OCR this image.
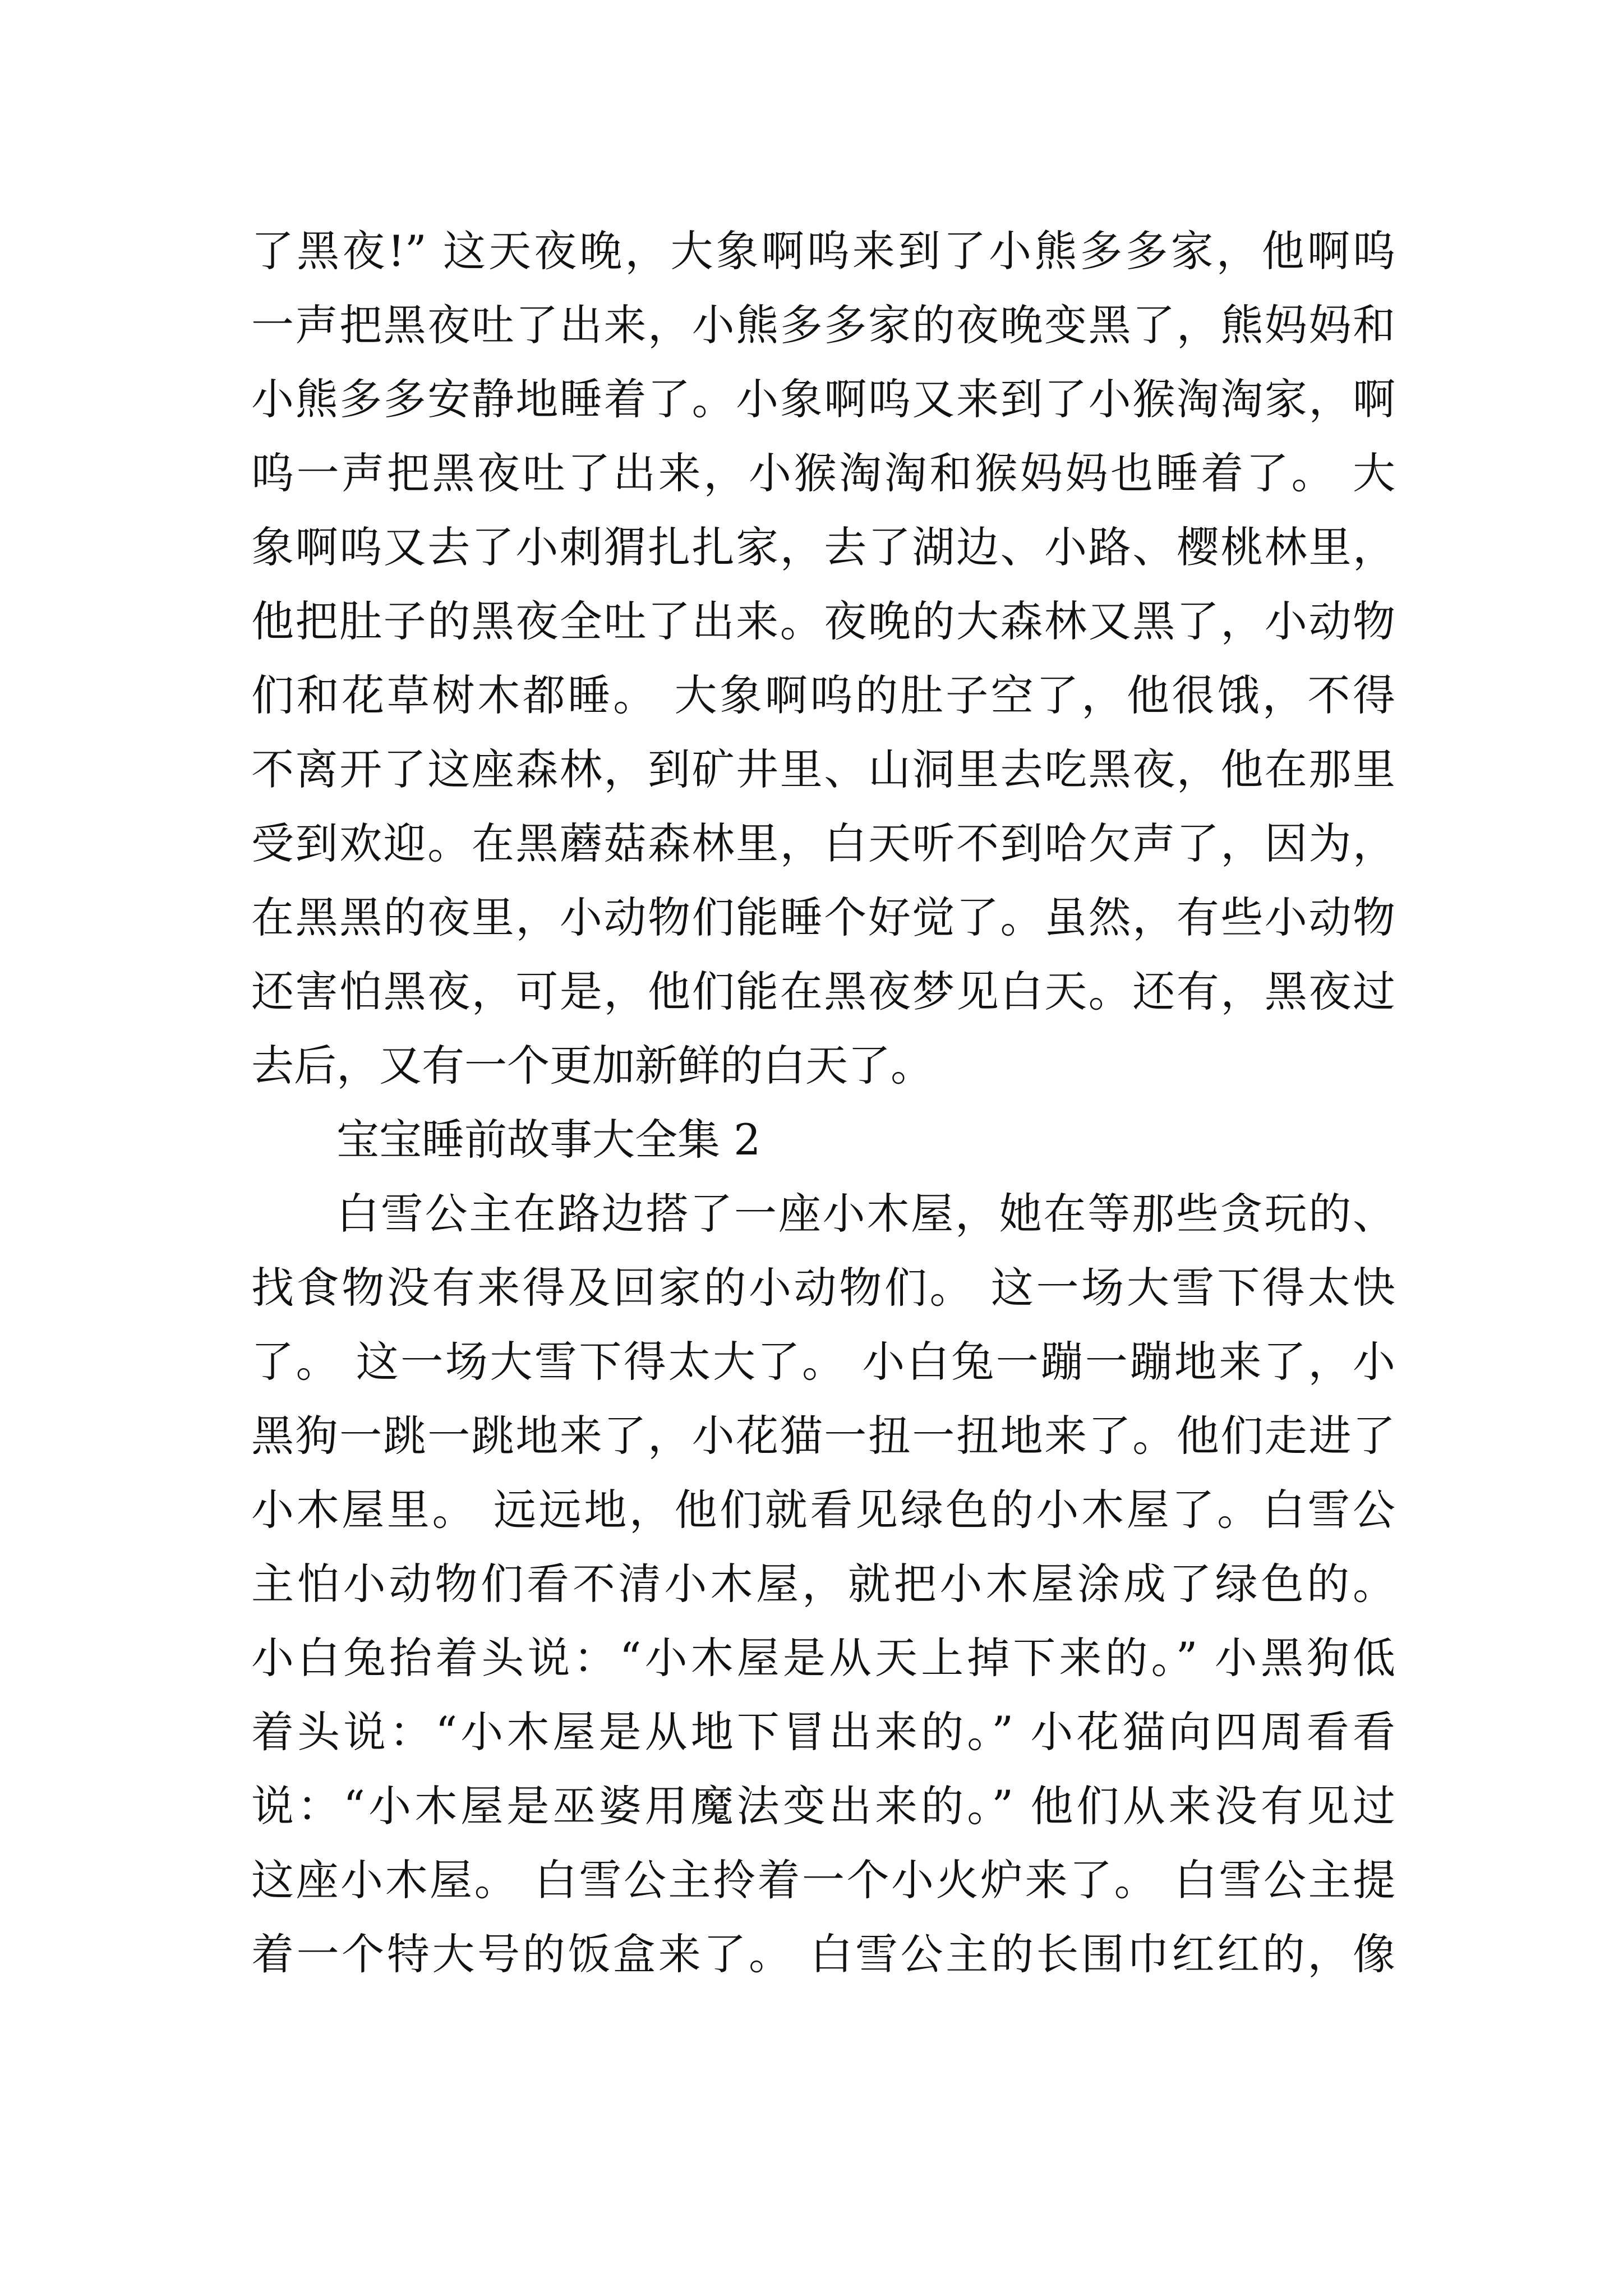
了黑夜!” 这天夜晚，大象啊呜来到了小熊多多家，他啊呜
一声把黑夜吐了出来，小熊多多家的夜晚变黑了，熊妈妈和
小熊多多安静地睡着了。小象啊呜又来到了小猴淘淘家，啊
呜一声把黑夜吐了出来，小猴淘淘和猴妈妈也睡着了。 大
象啊呜又去了小刺猬扎扎家，去了湖边、小路、樱桃林里，
他把肚子的黑夜全吐了出来。夜晚的大森林又黑了，小动物
们和花草树木都睡。 大象啊呜的肚子空了，他很饿，不得
不离开了这座森林，到矿井里、山洞里去吃黑夜，他在那里
受到欢迎。在黑蘑菇森林里，白天听不到哈欠声了，因为，
在黑黑的夜里，小动物们能睡个好觉了。虽然，有些小动物
还害怕黑夜，可是，他们能在黑夜梦见白天。还有，黑夜过
去后，又有一个更加新鲜的白天了。
宝宝睡前故事大全集 2
白雪公主在路边搭了一座小木屋，她在等那些贪玩的、
找食物没有来得及回家的小动物们。 这一场大雪下得太快
了。 这一场大雪下得太大了。 小白兔一蹦一蹦地来了，小
黑狗一跳一跳地来了，小花猫一扭一扭地来了。他们走进了
小木屋里。 远远地，他们就看见绿色的小木屋了。白雪公
主怕小动物们看不清小木屋，就把小木屋涂成了绿色的。
小白兔抬着头说：“小木屋是从天上掉下来的。” 小黑狗低
着头说：“小木屋是从地下冒出来的。” 小花猫向四周看看
说：“小木屋是巫婆用魔法变出来的。” 他们从来没有见过
这座小木屋。 白雪公主拎着一个小火炉来了。 白雪公主提
着一个特大号的饭盒来了。 白雪公主的长围巾红红的，像
